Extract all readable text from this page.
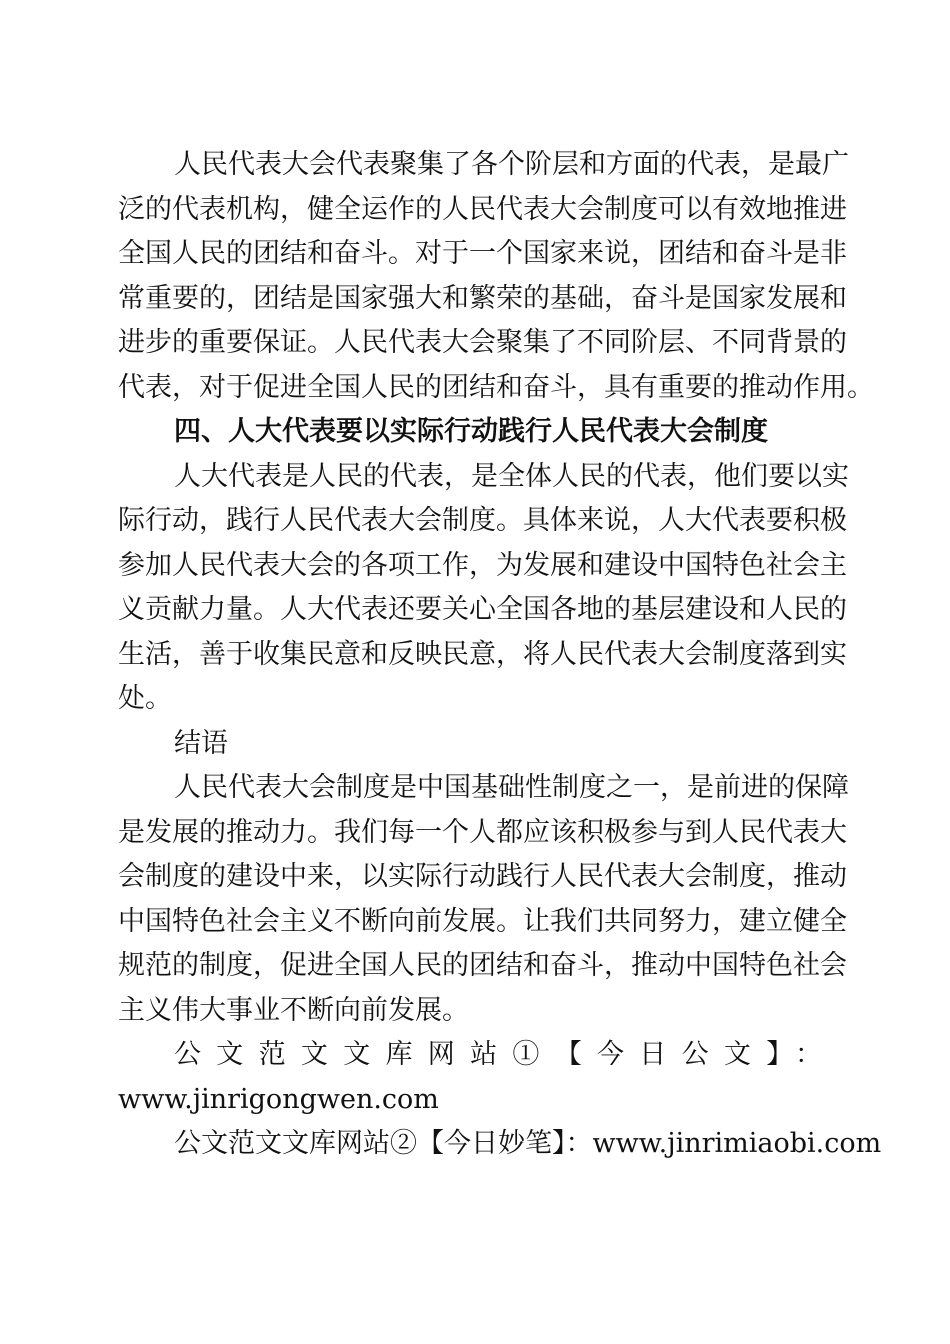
人民代表大会代表聚集了各个阶层和方面的代表，是最广
泛的代表机构，健全运作的人民代表大会制度可以有效地推进
全国人民的团结和奋斗。对于一个国家来说，团结和奋斗是非
常重要的，团结是国家强大和繁荣的基础，奋斗是国家发展和
进步的重要保证。人民代表大会聚集了不同阶层、不同背景的
代表，对于促进全国人民的团结和奋斗，具有重要的推动作用。
四、人大代表要以实际行动践行人民代表大会制度
人大代表是人民的代表，是全体人民的代表，他们要以实
际行动，践行人民代表大会制度。具体来说，人大代表要积极
参加人民代表大会的各项工作，为发展和建设中国特色社会主
义贡献力量。人大代表还要关心全国各地的基层建设和人民的
生活，善于收集民意和反映民意，将人民代表大会制度落到实
处。
结语
人民代表大会制度是中国基础性制度之一，是前进的保障
是发展的推动力。我们每一个人都应该积极参与到人民代表大
会制度的建设中来，以实际行动践行人民代表大会制度，推动
中国特色社会主义不断向前发展。让我们共同努力，建立健全
规范的制度，促进全国人民的团结和奋斗，推动中国特色社会
主义伟大事业不断向前发展。
公文范文文库网站①【今日公文】：
www.jinrigongwen.com
公文范文文库网站②【今日妙笔】：www.jinrimiaobi.com
